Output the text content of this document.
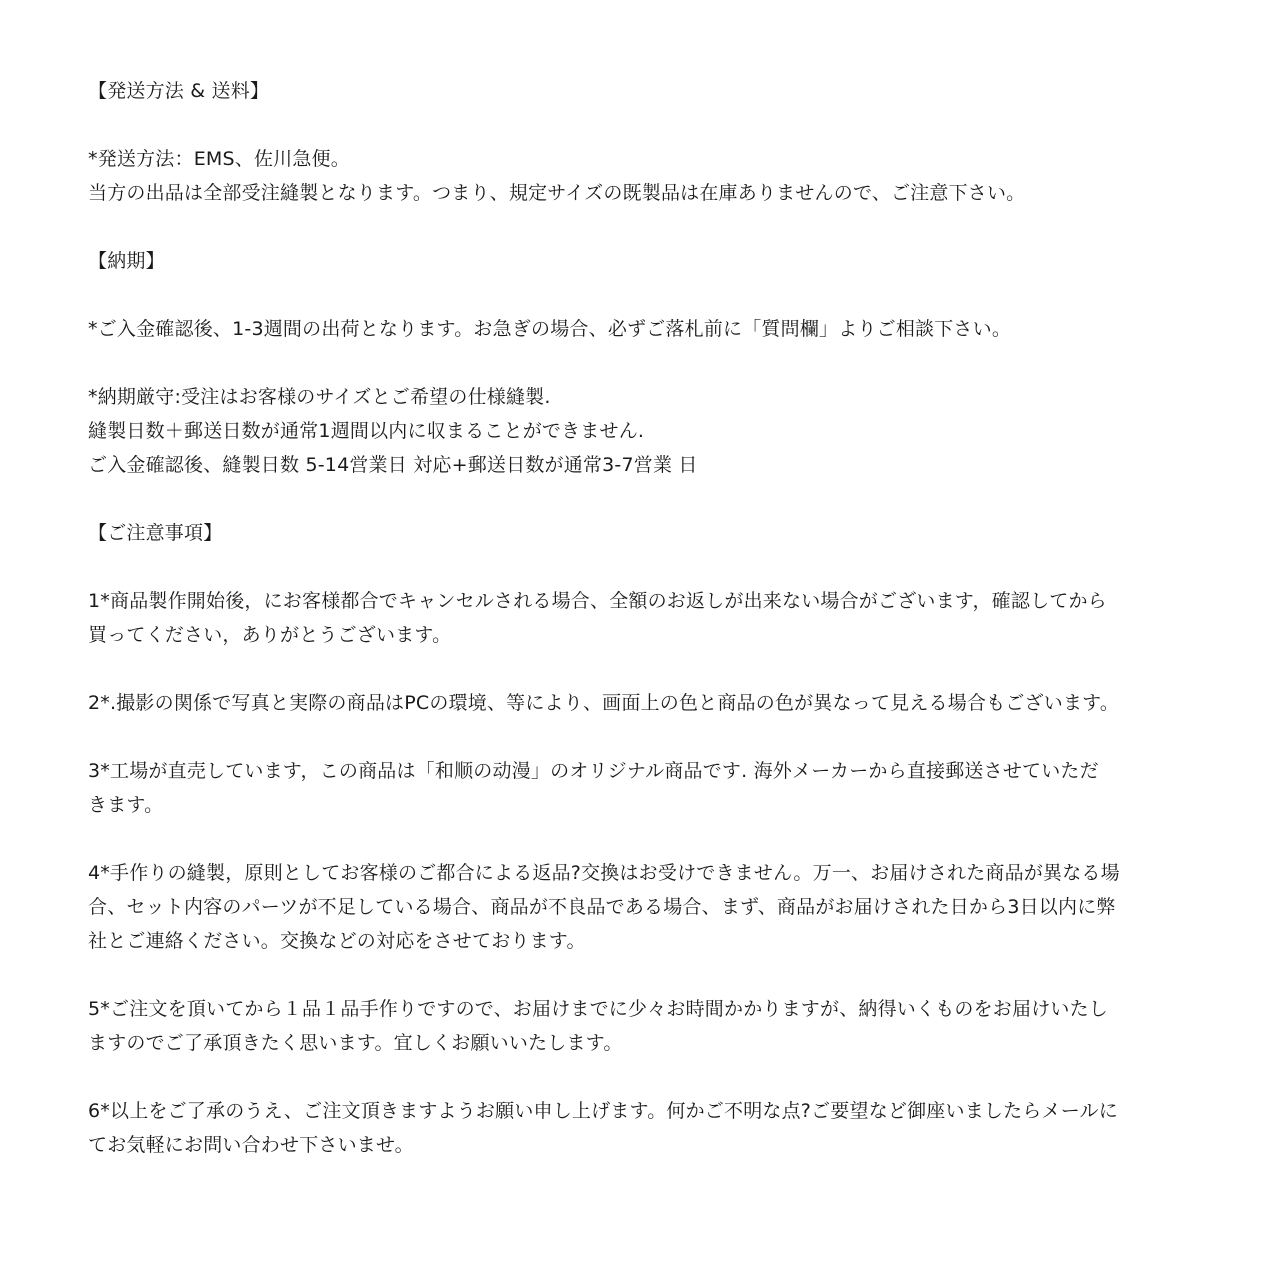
【発送方法 & 送料】
*発送方法：EMS、佐川急便。
当方の出品は全部受注縫製となります。つまり、規定サイズの既製品は在庫ありませんので、ご注意下さい。
【納期】
*ご入金確認後、1-3週間の出荷となります。お急ぎの場合、必ずご落札前に「質問欄」よりご相談下さい。
*納期厳守:受注はお客様のサイズとご希望の仕様縫製.
縫製日数＋郵送日数が通常1週間以内に収まることができません.
ご入金確認後、縫製日数 5-14営業日 対応+郵送日数が通常3-7営業 日
【ご注意事項】
1*商品製作開始後，にお客様都合でキャンセルされる場合、全額のお返しが出来ない場合がございます，確認してから
買ってください，ありがとうございます。
2*.撮影の関係で写真と実際の商品はPCの環境、等により、画面上の色と商品の色が異なって見える場合もございます。
3*工場が直売しています，この商品は「和顺の动漫」のオリジナル商品です. 海外メーカーから直接郵送させていただ
きます。
4*手作りの縫製，原則としてお客様のご都合による返品?交換はお受けできません。万一、お届けされた商品が異なる場
合、セット内容のパーツが不足している場合、商品が不良品である場合、まず、商品がお届けされた日から3日以内に弊
社とご連絡ください。交換などの対応をさせております。
5*ご注文を頂いてから１品１品手作りですので、お届けまでに少々お時間かかりますが、納得いくものをお届けいたし
ますのでご了承頂きたく思います。宜しくお願いいたします。
6*以上をご了承のうえ、ご注文頂きますようお願い申し上げます。何かご不明な点?ご要望など御座いましたらメールに
てお気軽にお問い合わせ下さいませ。
